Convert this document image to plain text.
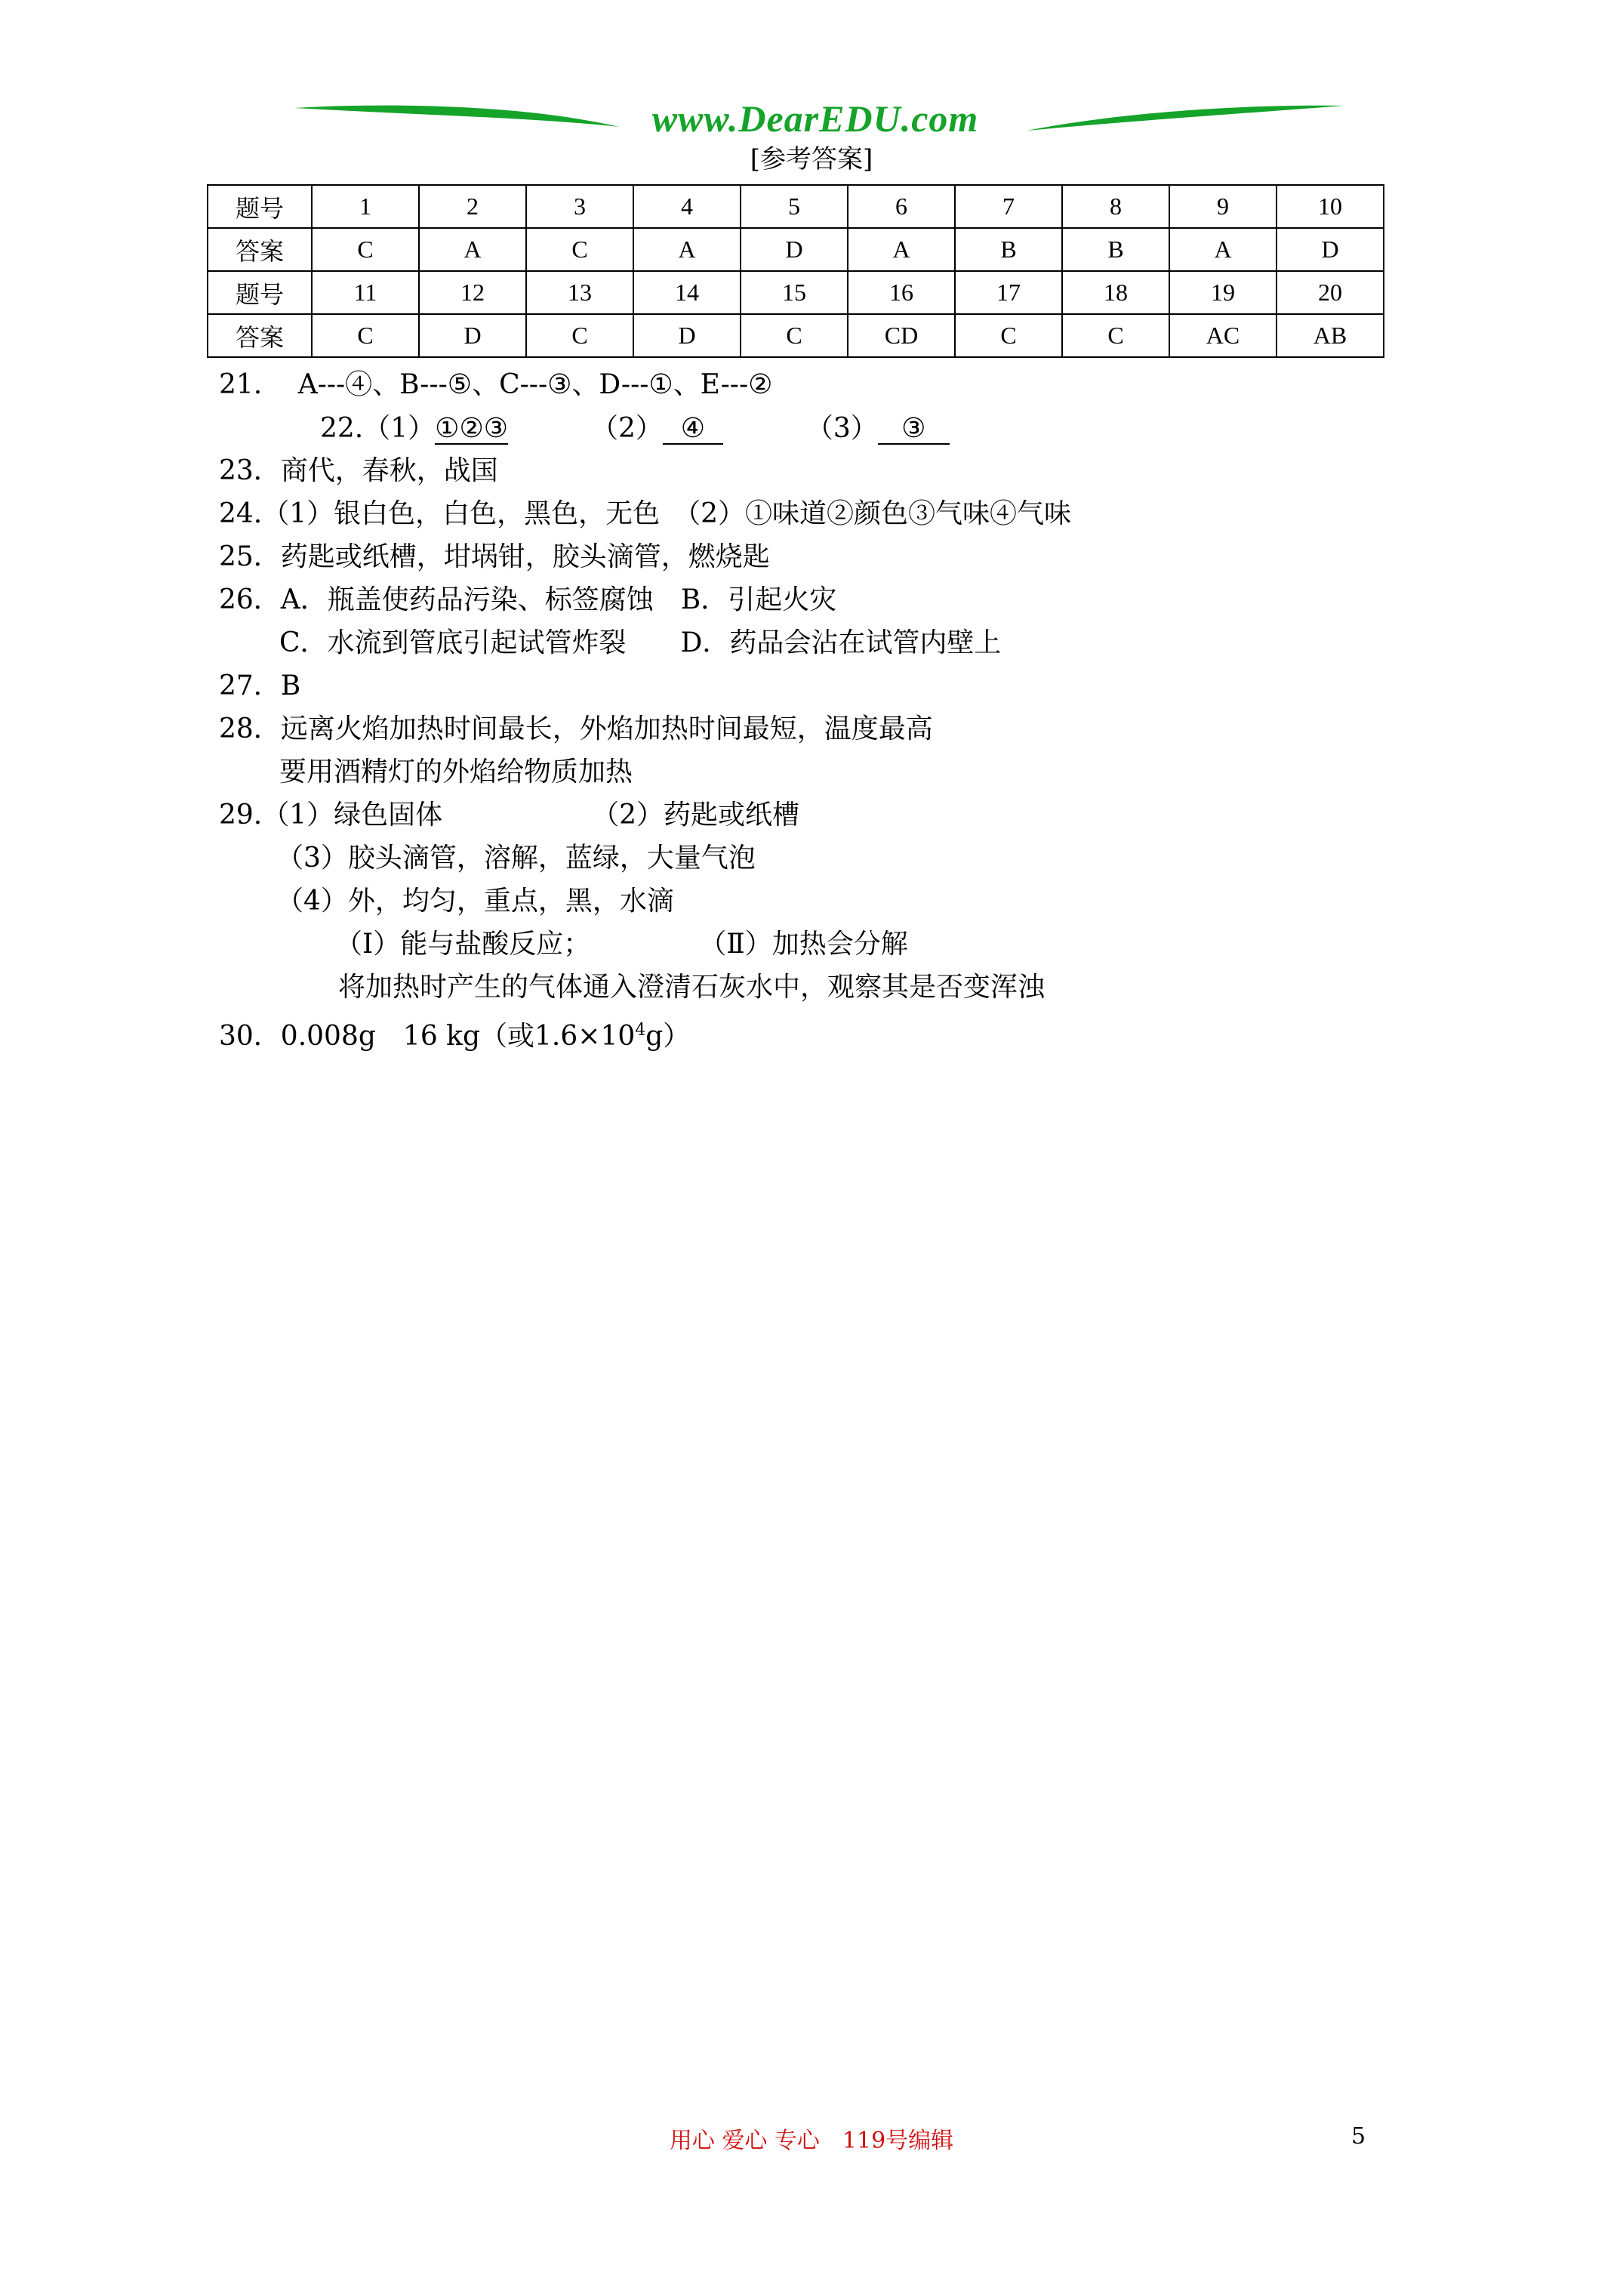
www.DearEDU.com
[参考答案]
题号	1	2	3	4	5	6	7	8	9	10
答案	C	A	C	A	D	A	B	B	A	D
题号	11	12	13	14	15	16	17	18	19	20
答案	C	D	C	D	C	CD	C	C	AC	AB
21.　 A---④、B---⑤、C---③、D---①、E---②
22.（1）①②③	（2）④	（3）③
23．商代，春秋，战国
24.（1）银白色，白色，黑色，无色　（2）①味道②颜色③气味④气味
25．药匙或纸槽，坩埚钳，胶头滴管，燃烧匙
26．A．瓶盖使药品污染、标签腐蚀　B．引起火灾
C．水流到管底引起试管炸裂　　D．药品会沾在试管内壁上
27．B
28．远离火焰加热时间最长，外焰加热时间最短，温度最高
要用酒精灯的外焰给物质加热
29.（1）绿色固体　　　　　　（2）药匙或纸槽
（3）胶头滴管，溶解，蓝绿，大量气泡
（4）外，均匀，重点，黑，水滴
（Ⅰ）能与盐酸反应；　　　　　（Ⅱ）加热会分解
将加热时产生的气体通入澄清石灰水中，观察其是否变浑浊
30．0.008g　16 kg（或$1.6\times 10^4g$）
用心 爱心 专心　119号编辑	5
